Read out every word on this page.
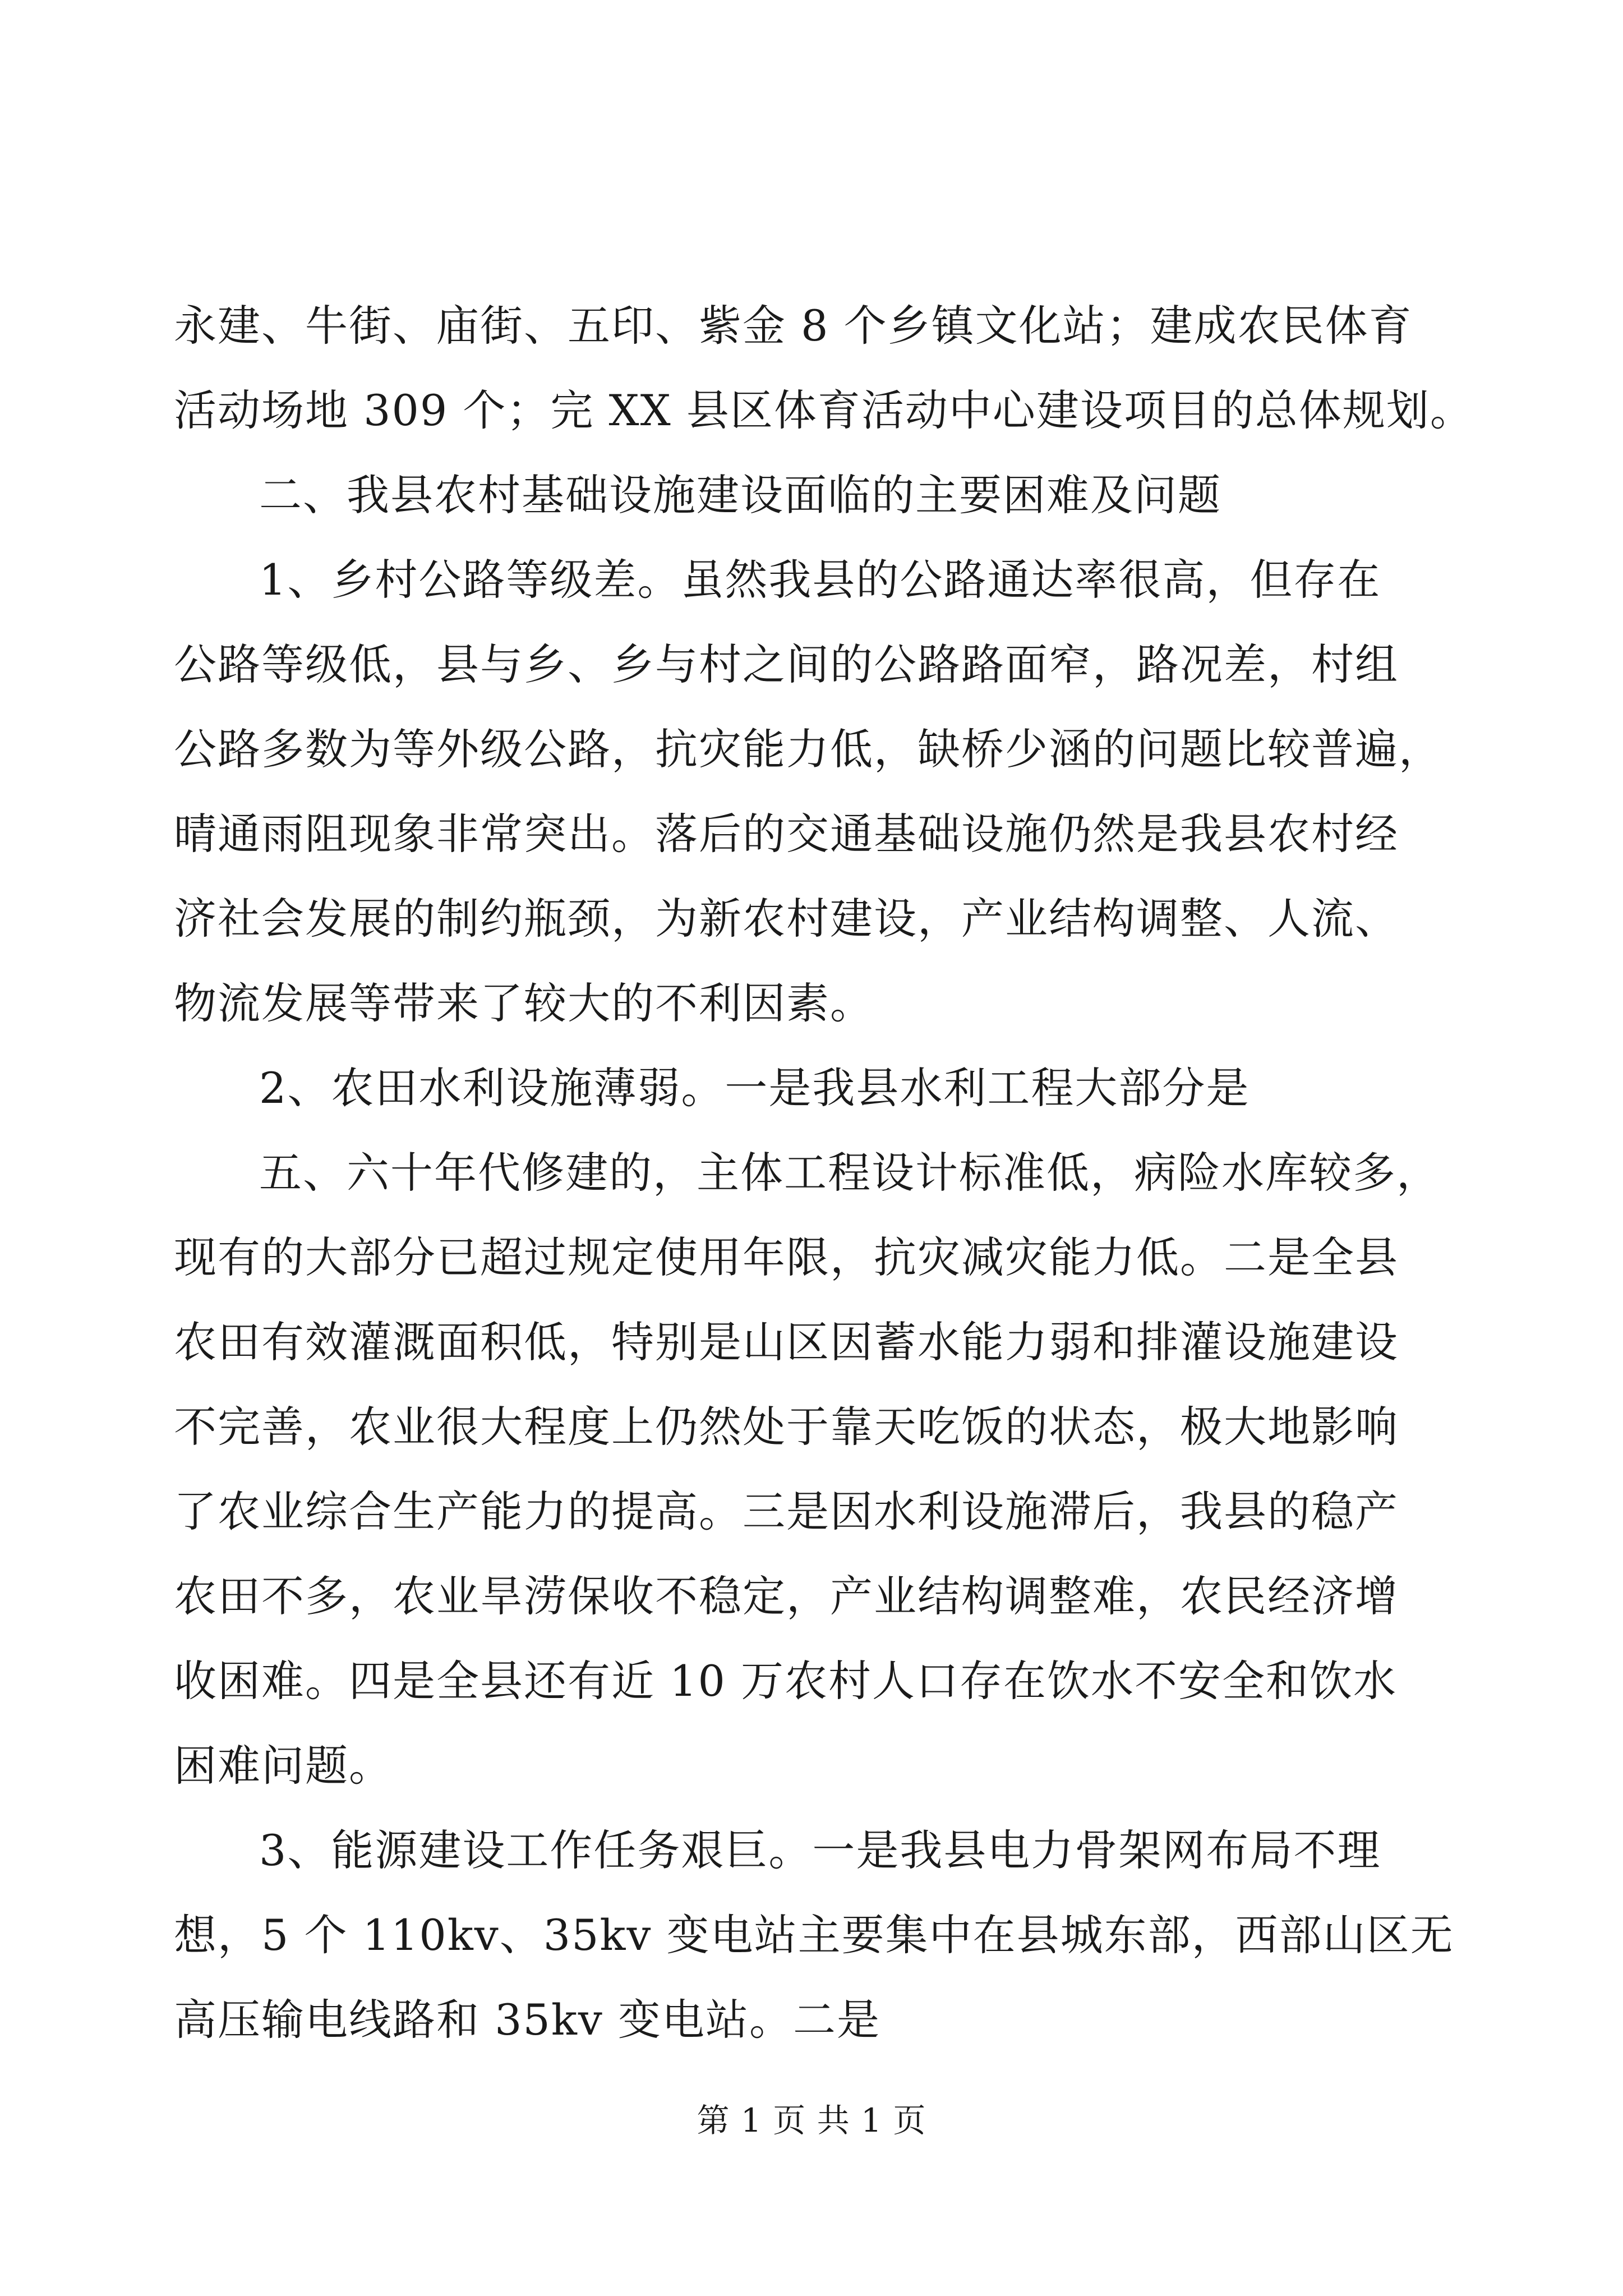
永建、牛街、庙街、五印、紫金 8 个乡镇文化站；建成农民体育
活动场地 309 个；完 XX 县区体育活动中心建设项目的总体规划。
二、我县农村基础设施建设面临的主要困难及问题
1、乡村公路等级差。虽然我县的公路通达率很高，但存在
公路等级低，县与乡、乡与村之间的公路路面窄，路况差，村组
公路多数为等外级公路，抗灾能力低，缺桥少涵的问题比较普遍，
晴通雨阻现象非常突出。落后的交通基础设施仍然是我县农村经
济社会发展的制约瓶颈，为新农村建设，产业结构调整、人流、
物流发展等带来了较大的不利因素。
2、农田水利设施薄弱。一是我县水利工程大部分是
五、六十年代修建的，主体工程设计标准低，病险水库较多，
现有的大部分已超过规定使用年限，抗灾减灾能力低。二是全县
农田有效灌溉面积低，特别是山区因蓄水能力弱和排灌设施建设
不完善，农业很大程度上仍然处于靠天吃饭的状态，极大地影响
了农业综合生产能力的提高。三是因水利设施滞后，我县的稳产
农田不多，农业旱涝保收不稳定，产业结构调整难，农民经济增
收困难。四是全县还有近 10 万农村人口存在饮水不安全和饮水
困难问题。
3、能源建设工作任务艰巨。一是我县电力骨架网布局不理
想，5 个 110kv、35kv 变电站主要集中在县城东部，西部山区无
高压输电线路和 35kv 变电站。二是
第 1 页 共 1 页
